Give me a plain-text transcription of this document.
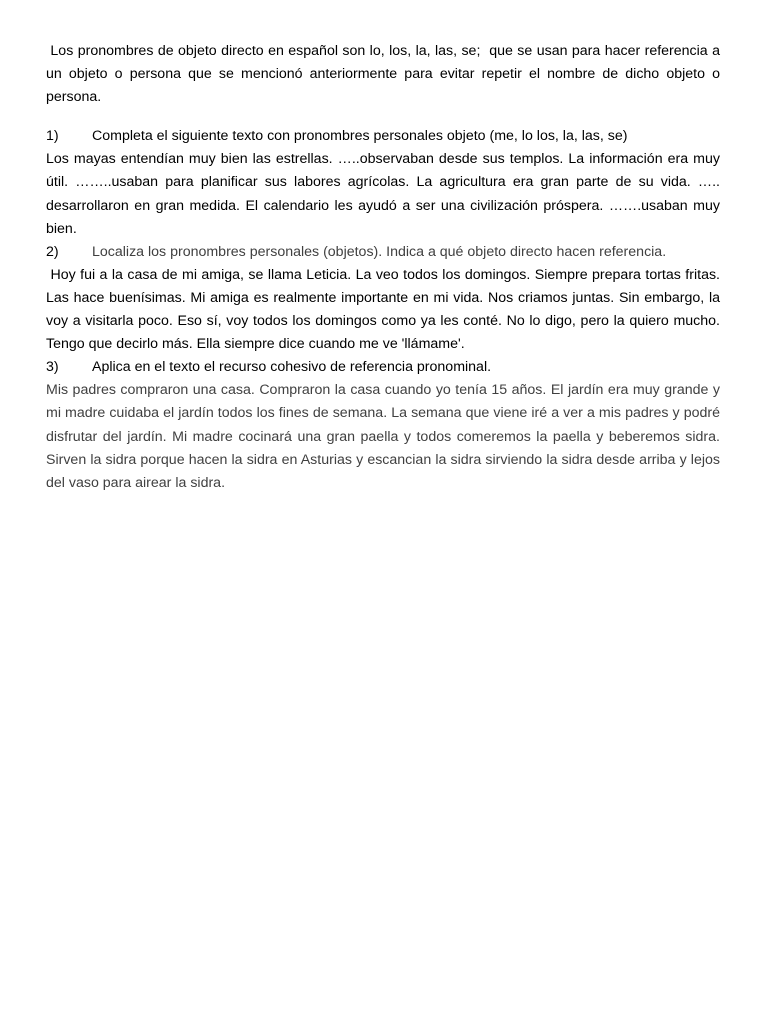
Los pronombres de objeto directo en español son lo, los, la, las, se;  que se usan para hacer referencia a un objeto o persona que se mencionó anteriormente para evitar repetir el nombre de dicho objeto o persona.

1)	Completa el siguiente texto con pronombres personales objeto (me, lo los, la, las, se)

Los mayas entendían muy bien las estrellas. …..observaban desde sus templos. La información era muy útil. ……..usaban para planificar sus labores agrícolas. La agricultura era gran parte de su vida. ….. desarrollaron en gran medida. El calendario les ayudó a ser una civilización próspera. …….usaban muy bien.

2)	Localiza los pronombres personales (objetos). Indica a qué objeto directo hacen referencia.

Hoy fui a la casa de mi amiga, se llama Leticia. La veo todos los domingos. Siempre prepara tortas fritas. Las hace buenísimas. Mi amiga es realmente importante en mi vida. Nos criamos juntas. Sin embargo, la voy a visitarla poco. Eso sí, voy todos los domingos como ya les conté. No lo digo, pero la quiero mucho. Tengo que decirlo más. Ella siempre dice cuando me ve 'llámame'.

3)	Aplica en el texto el recurso cohesivo de referencia pronominal.

Mis padres compraron una casa. Compraron la casa cuando yo tenía 15 años. El jardín era muy grande y mi madre cuidaba el jardín todos los fines de semana. La semana que viene iré a ver a mis padres y podré disfrutar del jardín. Mi madre cocinará una gran paella y todos comeremos la paella y beberemos sidra. Sirven la sidra porque hacen la sidra en Asturias y escancian la sidra sirviendo la sidra desde arriba y lejos del vaso para airear la sidra.
